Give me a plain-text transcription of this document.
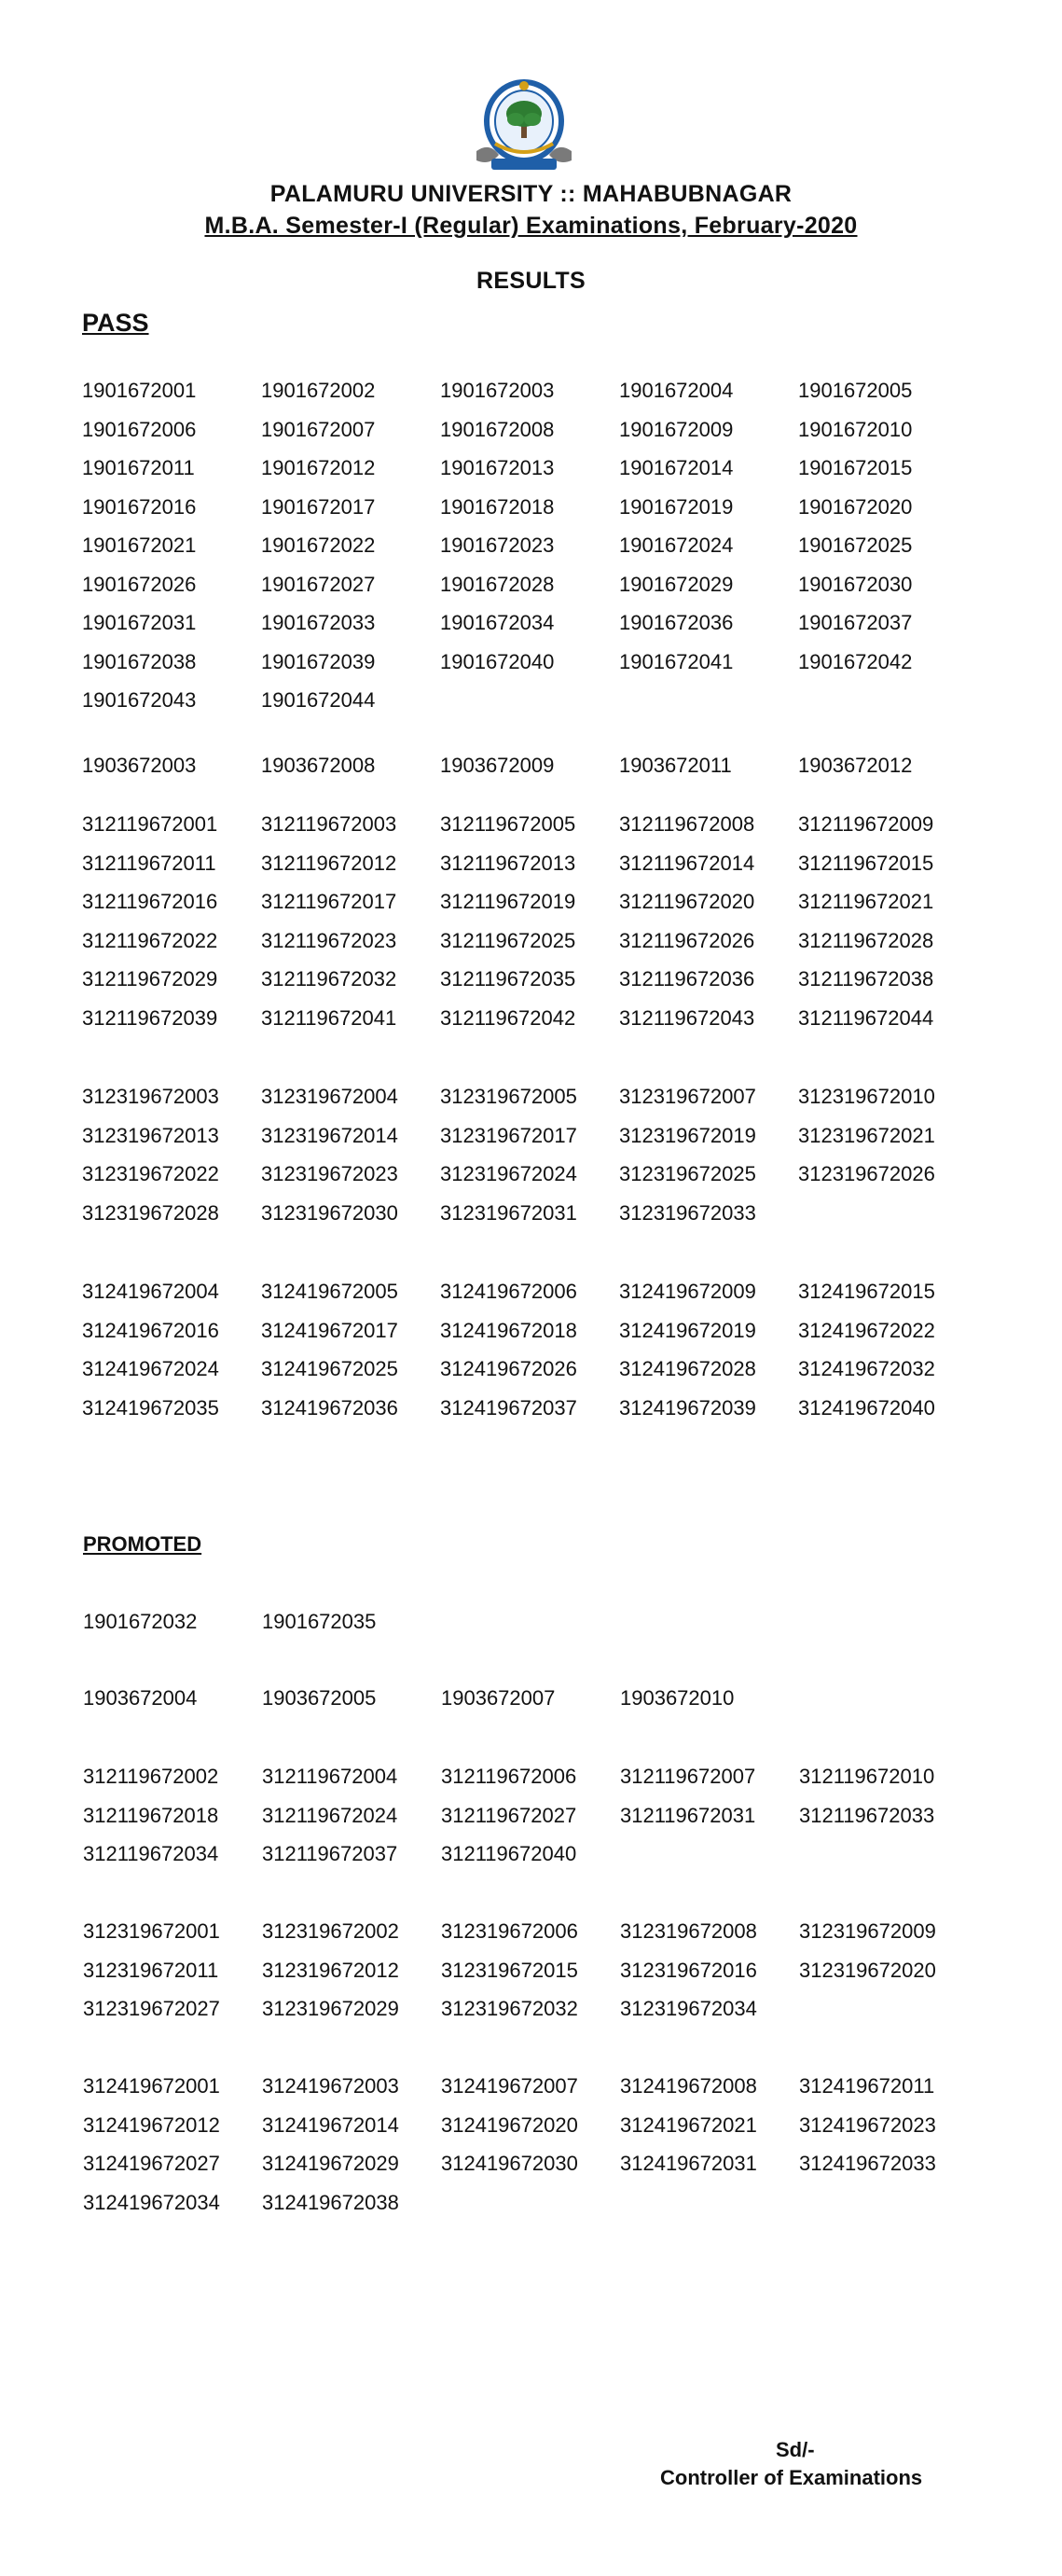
PALAMURU UNIVERSITY :: MAHABUBNAGAR
M.B.A. Semester-I (Regular) Examinations, February-2020
RESULTS
PASS
1901672001	1901672002	1901672003	1901672004	1901672005
1901672006	1901672007	1901672008	1901672009	1901672010
1901672011	1901672012	1901672013	1901672014	1901672015
1901672016	1901672017	1901672018	1901672019	1901672020
1901672021	1901672022	1901672023	1901672024	1901672025
1901672026	1901672027	1901672028	1901672029	1901672030
1901672031	1901672033	1901672034	1901672036	1901672037
1901672038	1901672039	1901672040	1901672041	1901672042
1901672043	1901672044
1903672003	1903672008	1903672009	1903672011	1903672012
312119672001	312119672003	312119672005	312119672008	312119672009
312119672011	312119672012	312119672013	312119672014	312119672015
312119672016	312119672017	312119672019	312119672020	312119672021
312119672022	312119672023	312119672025	312119672026	312119672028
312119672029	312119672032	312119672035	312119672036	312119672038
312119672039	312119672041	312119672042	312119672043	312119672044
312319672003	312319672004	312319672005	312319672007	312319672010
312319672013	312319672014	312319672017	312319672019	312319672021
312319672022	312319672023	312319672024	312319672025	312319672026
312319672028	312319672030	312319672031	312319672033
312419672004	312419672005	312419672006	312419672009	312419672015
312419672016	312419672017	312419672018	312419672019	312419672022
312419672024	312419672025	312419672026	312419672028	312419672032
312419672035	312419672036	312419672037	312419672039	312419672040
PROMOTED
1901672032	1901672035
1903672004	1903672005	1903672007	1903672010
312119672002	312119672004	312119672006	312119672007	312119672010
312119672018	312119672024	312119672027	312119672031	312119672033
312119672034	312119672037	312119672040
312319672001	312319672002	312319672006	312319672008	312319672009
312319672011	312319672012	312319672015	312319672016	312319672020
312319672027	312319672029	312319672032	312319672034
312419672001	312419672003	312419672007	312419672008	312419672011
312419672012	312419672014	312419672020	312419672021	312419672023
312419672027	312419672029	312419672030	312419672031	312419672033
312419672034	312419672038
Sd/-
Controller of Examinations
